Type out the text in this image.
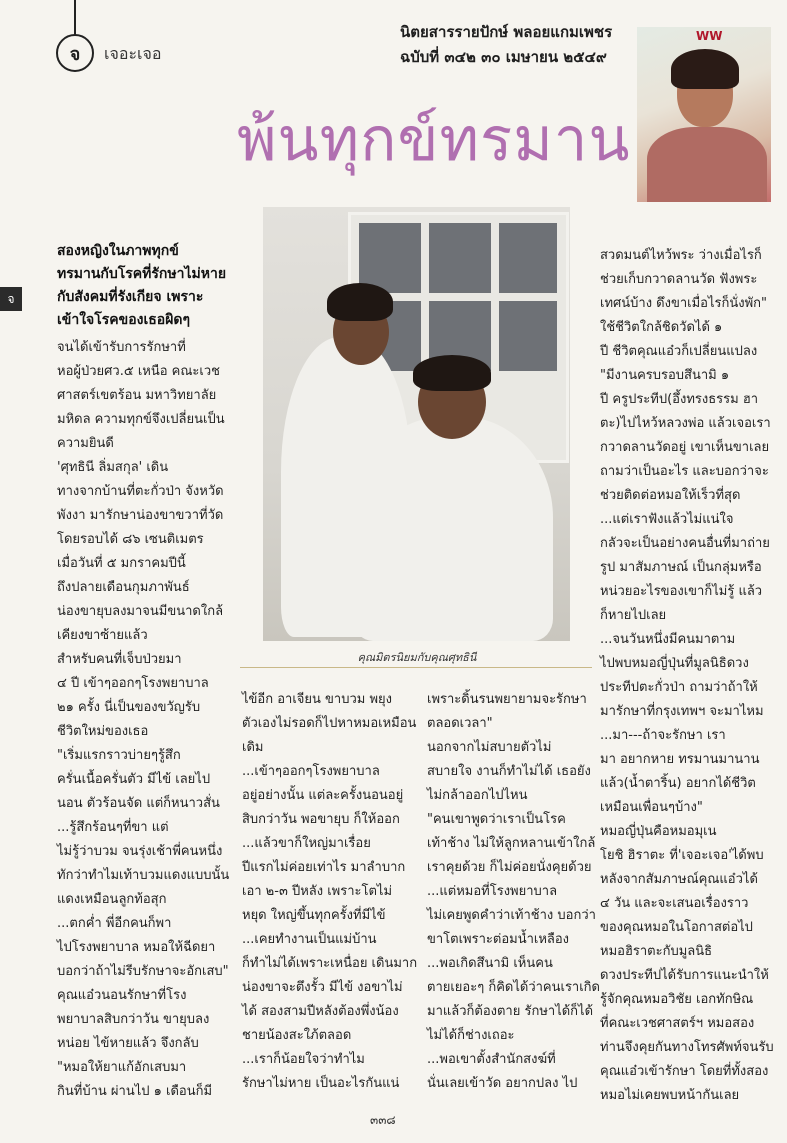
จ	เจอะเจอ
นิตยสารรายปักษ์ พลอยแกมเพชร
ฉบับที่ ๓๔๒ ๓๐ เมษายน ๒๕๔๙
WW
พ้นทุกข์ทรมาน
จ
คุณมิตรนิยมกับคุณศุทธินี

สองหญิงในภาพทุกข์

ทรมานกับโรคที่รักษาไม่หาย

กับสังคมที่รังเกียจ เพราะ

เข้าใจโรคของเธอผิดๆ

จนได้เข้ารับการรักษาที่

หอผู้ป่วยศว.๕ เหนือ คณะเวช

ศาสตร์เขตร้อน มหาวิทยาลัย

มหิดล ความทุกข์จึงเปลี่ยนเป็น

ความยินดี

'ศุทธินี ลิ่มสกุล' เดิน

ทางจากบ้านที่ตะกั่วป่า จังหวัด

พังงา มารักษาน่องขาขวาที่วัด

โดยรอบได้ ๘๖ เซนติเมตร

เมื่อวันที่ ๕ มกราคมปีนี้

ถึงปลายเดือนกุมภาพันธ์

น่องขายุบลงมาจนมีขนาดใกล้

เคียงขาซ้ายแล้ว

สำหรับคนที่เจ็บป่วยมา

๔ ปี เข้าๆออกๆโรงพยาบาล

๒๑ ครั้ง นี่เป็นของขวัญรับ

ชีวิตใหม่ของเธอ

"เริ่มแรกราวบ่ายๆรู้สึก

ครั่นเนื้อครั่นตัว มีไข้ เลยไป

นอน ตัวร้อนจัด แต่ก็หนาวสั่น

...รู้สึกร้อนๆที่ขา แต่

ไม่รู้ว่าบวม จนรุ่งเช้าพี่คนหนึ่ง

ทักว่าทำไมเท้าบวมแดงแบบนั้น

แดงเหมือนลูกท้อสุก

...ตกค่ำ พี่อีกคนก็พา

ไปโรงพยาบาล หมอให้ฉีดยา

บอกว่าถ้าไม่รีบรักษาจะอักเสบ"

คุณแอ๋วนอนรักษาที่โรง

พยาบาลสิบกว่าวัน ขายุบลง

หน่อย ไข้หายแล้ว จึงกลับ

"หมอให้ยาแก้อักเสบมา

กินที่บ้าน ผ่านไป ๑ เดือนก็มี

ไข้อีก อาเจียน ขาบวม พยุง

ตัวเองไม่รอดก็ไปหาหมอเหมือน

เดิม

...เข้าๆออกๆโรงพยาบาล

อยู่อย่างนั้น แต่ละครั้งนอนอยู่

สิบกว่าวัน พอขายุบ ก็ให้ออก

...แล้วขาก็ใหญ่มาเรื่อย

ปีแรกไม่ค่อยเท่าไร มาลำบาก

เอา ๒-๓ ปีหลัง เพราะโตไม่

หยุด ใหญ่ขึ้นทุกครั้งที่มีไข้

...เคยทำงานเป็นแม่บ้าน

ก็ทำไม่ได้เพราะเหนื่อย เดินมาก

น่องขาจะตึงรั้ว มีไข้ งอขาไม่

ได้ สองสามปีหลังต้องพึ่งน้อง

ชายน้องสะใภ้ตลอด

...เราก็น้อยใจว่าทำไม

รักษาไม่หาย เป็นอะไรกันแน่

เพราะดิ้นรนพยายามจะรักษา

ตลอดเวลา"

นอกจากไม่สบายตัวไม่

สบายใจ งานก็ทำไม่ได้ เธอยัง

ไม่กล้าออกไปไหน

"คนเขาพูดว่าเราเป็นโรค

เท้าช้าง ไม่ให้ลูกหลานเข้าใกล้

เราคุยด้วย ก็ไม่ค่อยนั่งคุยด้วย

...แต่หมอที่โรงพยาบาล

ไม่เคยพูดคำว่าเท้าช้าง บอกว่า

ขาโตเพราะต่อมน้ำเหลือง

...พอเกิดสึนามิ เห็นคน

ตายเยอะๆ ก็คิดได้ว่าคนเราเกิด

มาแล้วก็ต้องตาย รักษาได้ก็ได้

ไม่ได้ก็ช่างเถอะ

...พอเขาตั้งสำนักสงฆ์ที่

นั่นเลยเข้าวัด อยากปลง ไป

สวดมนต์ไหว้พระ ว่างเมื่อไรก็

ช่วยเก็บกวาดลานวัด ฟังพระ

เทศน์บ้าง ดึงขาเมื่อไรก็นั่งพัก"

ใช้ชีวิตใกล้ชิดวัดได้ ๑

ปี ชีวิตคุณแอ๋วก็เปลี่ยนแปลง

"มีงานครบรอบสึนามิ ๑

ปี ครูประทีป(อึ้งทรงธรรม ฮา

ตะ)ไปไหว้หลวงพ่อ แล้วเจอเรา

กวาดลานวัดอยู่ เขาเห็นขาเลย

ถามว่าเป็นอะไร และบอกว่าจะ

ช่วยติดต่อหมอให้เร็วที่สุด

...แต่เราฟังแล้วไม่แน่ใจ

กลัวจะเป็นอย่างคนอื่นที่มาถ่าย

รูป มาสัมภาษณ์ เป็นกลุ่มหรือ

หน่วยอะไรของเขาก็ไม่รู้ แล้ว

ก็หายไปเลย

...จนวันหนึ่งมีคนมาตาม

ไปพบหมอญี่ปุ่นที่มูลนิธิดวง

ประทีปตะกั่วป่า ถามว่าถ้าให้

มารักษาที่กรุงเทพฯ จะมาไหม

...มา---ถ้าจะรักษา เรา

มา อยากหาย ทรมานมานาน

แล้ว(น้ำตาริ้น) อยากได้ชีวิต

เหมือนเพื่อนๆบ้าง"

หมอญี่ปุ่นคือหมอมุเน

โยชิ ฮิราตะ ที่'เจอะเจอ'ได้พบ

หลังจากสัมภาษณ์คุณแอ๋วได้

๔ วัน และจะเสนอเรื่องราว

ของคุณหมอในโอกาสต่อไป

หมอฮิราตะกับมูลนิธิ

ดวงประทีปได้รับการแนะนำให้

รู้จักคุณหมอวิชัย เอกทักษิณ

ที่คณะเวชศาสตร์ฯ หมอสอง

ท่านจึงคุยกันทางโทรศัพท์จนรับ

คุณแอ๋วเข้ารักษา โดยที่ทั้งสอง

หมอไม่เคยพบหน้ากันเลย

๓๓๘
